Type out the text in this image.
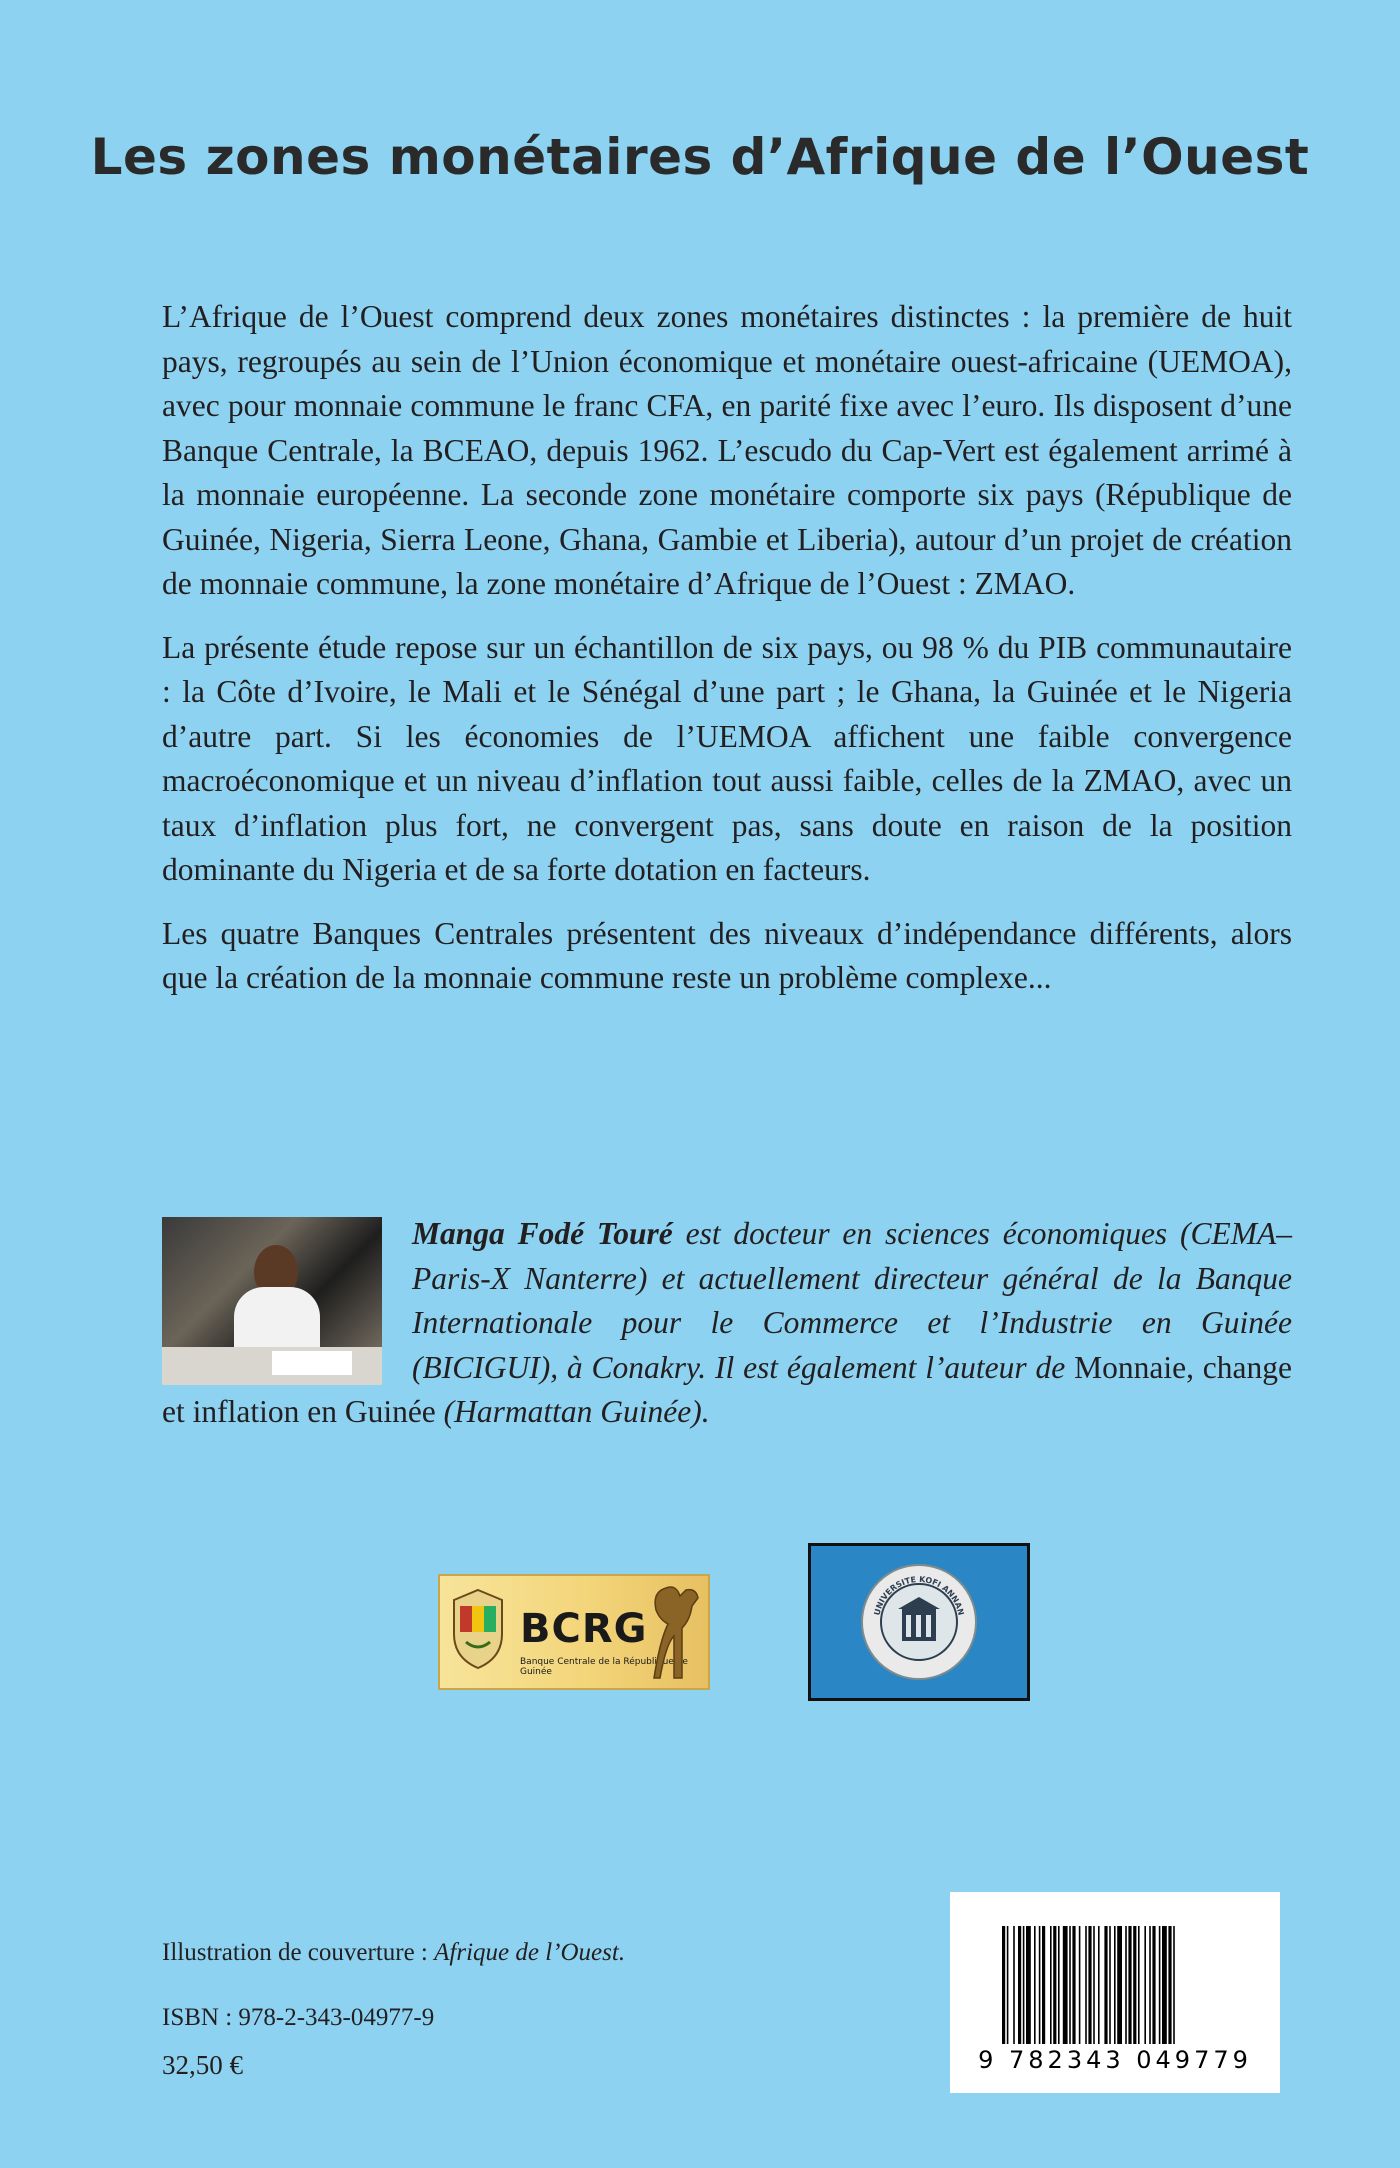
Les zones monétaires d’Afrique de l’Ouest

L’Afrique de l’Ouest comprend deux zones monétaires distinctes : la première de huit pays, regroupés au sein de l’Union économique et monétaire ouest-africaine (UEMOA), avec pour monnaie commune le franc CFA, en parité fixe avec l’euro. Ils disposent d’une Banque Centrale, la BCEAO, depuis 1962. L’escudo du Cap-Vert est également arrimé à la monnaie européenne. La seconde zone monétaire comporte six pays (République de Guinée, Nigeria, Sierra Leone, Ghana, Gambie et Liberia), autour d’un projet de création de monnaie commune, la zone monétaire d’Afrique de l’Ouest : ZMAO.

La présente étude repose sur un échantillon de six pays, ou 98 % du PIB communautaire : la Côte d’Ivoire, le Mali et le Sénégal d’une part ; le Ghana, la Guinée et le Nigeria d’autre part. Si les économies de l’UEMOA affichent une faible convergence macroéconomique et un niveau d’inflation tout aussi faible, celles de la ZMAO, avec un taux d’inflation plus fort, ne convergent pas, sans doute en raison de la position dominante du Nigeria et de sa forte dotation en facteurs.

Les quatre Banques Centrales présentent des niveaux d’indépendance différents, alors que la création de la monnaie commune reste un problème complexe...

Manga Fodé Touré est docteur en sciences économiques (CEMA–Paris-X Nanterre) et actuellement directeur général de la Banque Internationale pour le Commerce et l’Industrie en Guinée (BICIGUI), à Conakry. Il est également l’auteur de Monnaie, change et inflation en Guinée (Harmattan Guinée).
BCRG
Banque Centrale de la République de Guinée
UNIVERSITE KOFI ANNAN
Illustration de couverture : Afrique de l’Ouest.
ISBN : 978-2-343-04977-9
32,50 €	9 782343 049779
